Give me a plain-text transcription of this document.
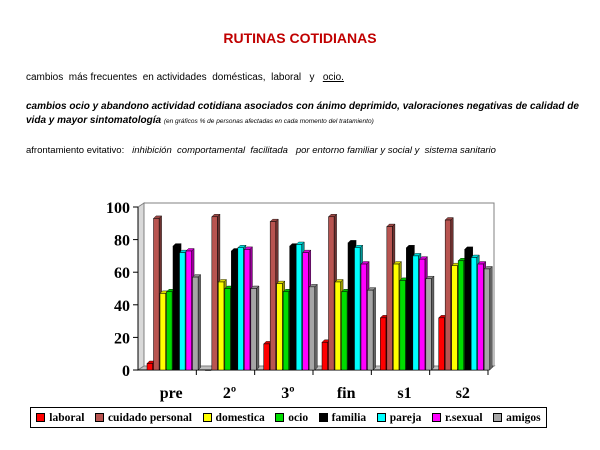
RUTINAS COTIDIANAS
cambios  más frecuentes  en actividades  domésticas,  laboral   y   ocio.
cambios ocio y abandono actividad cotidiana asociados con ánimo deprimido, valoraciones negativas de calidad de vida y mayor sintomatología (en gráficos % de personas afectadas en cada momento del tratamiento)
afrontamiento evitativo:   inhibición  comportamental  facilitada   por entorno familiar y social y  sistema sanitario
0
20
40
60
80
100
pre	2º	3º	fin	s1	s2
laboral cuidado personal domestica ocio familia pareja r.sexual amigos
